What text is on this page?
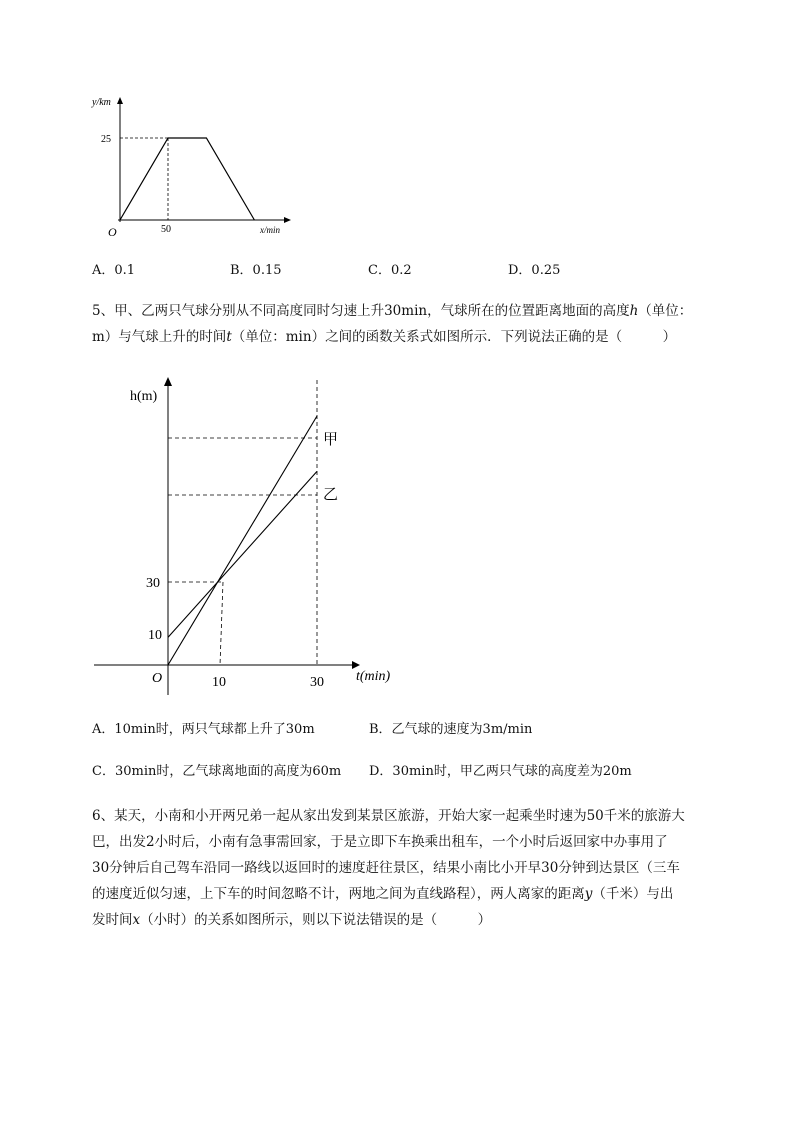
y/km
x/min
O
25
50
A．0.1	B．0.15	C．0.2	D．0.25
5、甲、乙两只气球分别从不同高度同时匀速上升30min，气球所在的位置距离地面的高度h（单位：
m）与气球上升的时间t（单位：min）之间的函数关系式如图所示．下列说法正确的是（　　　）
h(m)
t(min)
O
甲
乙
30
10
10	30
A．10min时，两只气球都上升了30m	B．乙气球的速度为3m/min
C．30min时，乙气球离地面的高度为60m D．30min时，甲乙两只气球的高度差为20m
6、某天，小南和小开两兄弟一起从家出发到某景区旅游，开始大家一起乘坐时速为50千米的旅游大
巴，出发2小时后，小南有急事需回家，于是立即下车换乘出租车，一个小时后返回家中办事用了
30分钟后自己驾车沿同一路线以返回时的速度赶往景区，结果小南比小开早30分钟到达景区（三车
的速度近似匀速，上下车的时间忽略不计，两地之间为直线路程），两人离家的距离y（千米）与出
发时间x（小时）的关系如图所示，则以下说法错误的是（　　　）
